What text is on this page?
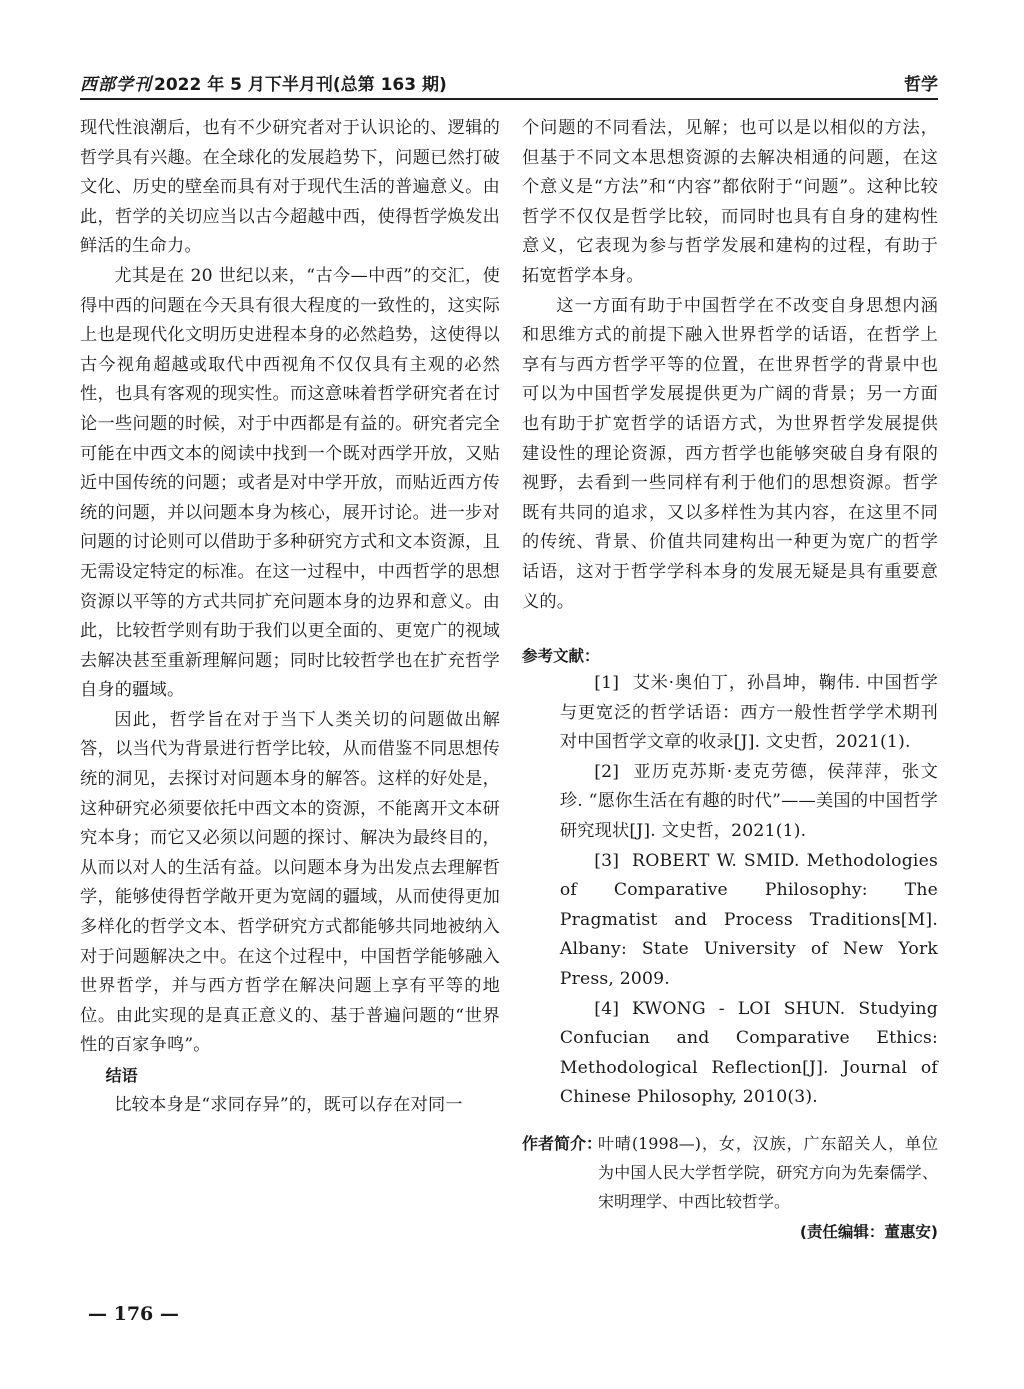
西部学刊 2022 年 5 月下半月刊(总第 163 期)	哲学

现代性浪潮后，也有不少研究者对于认识论的、逻辑的哲学具有兴趣。在全球化的发展趋势下，问题已然打破文化、历史的壁垒而具有对于现代生活的普遍意义。由此，哲学的关切应当以古今超越中西，使得哲学焕发出鲜活的生命力。

尤其是在 20 世纪以来，“古今—中西”的交汇，使得中西的问题在今天具有很大程度的一致性的，这实际上也是现代化文明历史进程本身的必然趋势，这使得以古今视角超越或取代中西视角不仅仅具有主观的必然性，也具有客观的现实性。而这意味着哲学研究者在讨论一些问题的时候，对于中西都是有益的。研究者完全可能在中西文本的阅读中找到一个既对西学开放，又贴近中国传统的问题；或者是对中学开放，而贴近西方传统的问题，并以问题本身为核心，展开讨论。进一步对问题的讨论则可以借助于多种研究方式和文本资源，且无需设定特定的标准。在这一过程中，中西哲学的思想资源以平等的方式共同扩充问题本身的边界和意义。由此，比较哲学则有助于我们以更全面的、更宽广的视域去解决甚至重新理解问题；同时比较哲学也在扩充哲学自身的疆域。

因此，哲学旨在对于当下人类关切的问题做出解答，以当代为背景进行哲学比较，从而借鉴不同思想传统的洞见，去探讨对问题本身的解答。这样的好处是，这种研究必须要依托中西文本的资源，不能离开文本研究本身；而它又必须以问题的探讨、解决为最终目的，从而以对人的生活有益。以问题本身为出发点去理解哲学，能够使得哲学敞开更为宽阔的疆域，从而使得更加多样化的哲学文本、哲学研究方式都能够共同地被纳入对于问题解决之中。在这个过程中，中国哲学能够融入世界哲学，并与西方哲学在解决问题上享有平等的地位。由此实现的是真正意义的、基于普遍问题的“世界性的百家争鸣”。

结语

比较本身是“求同存异”的，既可以存在对同一

个问题的不同看法，见解；也可以是以相似的方法，但基于不同文本思想资源的去解决相通的问题，在这个意义是“方法”和“内容”都依附于“问题”。这种比较哲学不仅仅是哲学比较，而同时也具有自身的建构性意义，它表现为参与哲学发展和建构的过程，有助于拓宽哲学本身。

这一方面有助于中国哲学在不改变自身思想内涵和思维方式的前提下融入世界哲学的话语，在哲学上享有与西方哲学平等的位置，在世界哲学的背景中也可以为中国哲学发展提供更为广阔的背景；另一方面也有助于扩宽哲学的话语方式，为世界哲学发展提供建设性的理论资源，西方哲学也能够突破自身有限的视野，去看到一些同样有利于他们的思想资源。哲学既有共同的追求，又以多样性为其内容，在这里不同的传统、背景、价值共同建构出一种更为宽广的哲学话语，这对于哲学学科本身的发展无疑是具有重要意义的。

参考文献：

[1] 艾米·奥伯丁，孙昌坤，鞠伟. 中国哲学与更宽泛的哲学话语：西方一般性哲学学术期刊对中国哲学文章的收录[J]. 文史哲，2021(1).

[2] 亚历克苏斯·麦克劳德，侯萍萍，张文珍. “愿你生活在有趣的时代”——美国的中国哲学研究现状[J]. 文史哲，2021(1).

[3] ROBERT W. SMID. Methodologies of Comparative Philosophy: The Pragmatist and Process Traditions[M]. Albany: State University of New York Press, 2009.

[4] KWONG - LOI SHUN. Studying Confucian and Comparative Ethics: Methodological Reflection[J]. Journal of Chinese Philosophy, 2010(3).

作者简介：
叶晴(1998—)，女，汉族，广东韶关人，单位为中国人民大学哲学院，研究方向为先秦儒学、宋明理学、中西比较哲学。
(责任编辑：董惠安)
— 176 —
